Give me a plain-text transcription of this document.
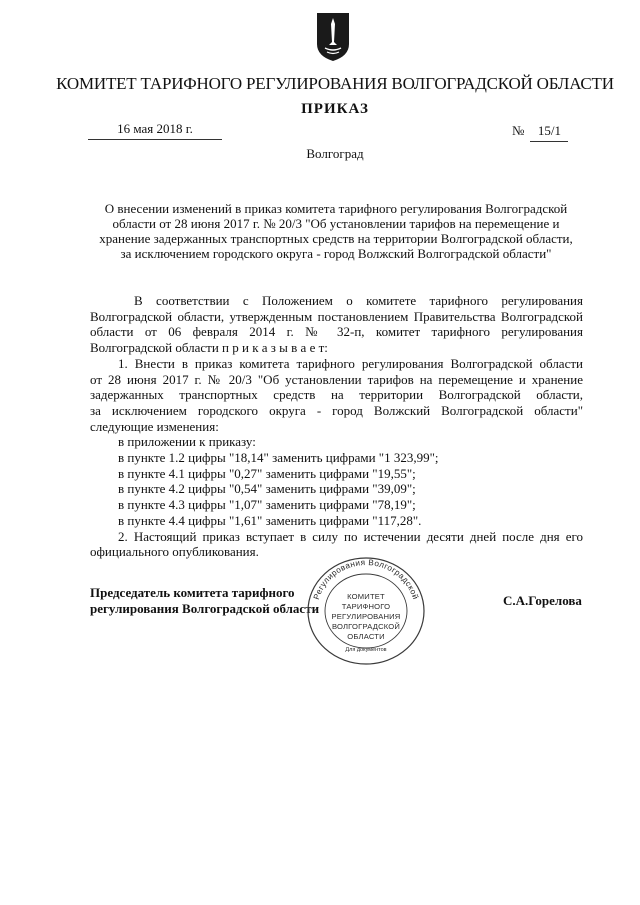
КОМИТЕТ ТАРИФНОГО РЕГУЛИРОВАНИЯ ВОЛГОГРАДСКОЙ ОБЛАСТИ
ПРИКАЗ
16 мая 2018 г.	№ 15/1
Волгоград
О внесении изменений в приказ комитета тарифного регулирования Волгоградской
области от 28 июня 2017 г. № 20/3 "Об установлении тарифов на перемещение и
хранение задержанных транспортных средств на территории Волгоградской области,
за исключением городского округа - город Волжский Волгоградской области"
В соответствии с Положением о комитете тарифного регулирования
Волгоградской области, утвержденным постановлением Правительства Волгоградской
области от 06 февраля 2014 г. № 32-п, комитет тарифного регулирования
Волгоградской области п р и к а з ы в а е т:
1. Внести в приказ комитета тарифного регулирования Волгоградской области
от 28 июня 2017 г. № 20/3 "Об установлении тарифов на перемещение и хранение
задержанных транспортных средств на территории Волгоградской области,
за исключением городского округа - город Волжский Волгоградской области"
следующие изменения:
в приложении к приказу:
в пункте 1.2 цифры "18,14" заменить цифрами "1 323,99";
в пункте 4.1 цифры "0,27" заменить цифрами "19,55";
в пункте 4.2 цифры "0,54" заменить цифрами "39,09";
в пункте 4.3 цифры "1,07" заменить цифрами "78,19";
в пункте 4.4 цифры "1,61" заменить цифрами "117,28".
2. Настоящий приказ вступает в силу по истечении десяти дней после дня его
официального опубликования.
Председатель комитета тарифного
регулирования Волгоградской области
С.А.Горелова
Регулирования Волгоградской
Для документов
КОМИТЕТ
ТАРИФНОГО
РЕГУЛИРОВАНИЯ
ВОЛГОГРАДСКОЙ
ОБЛАСТИ
